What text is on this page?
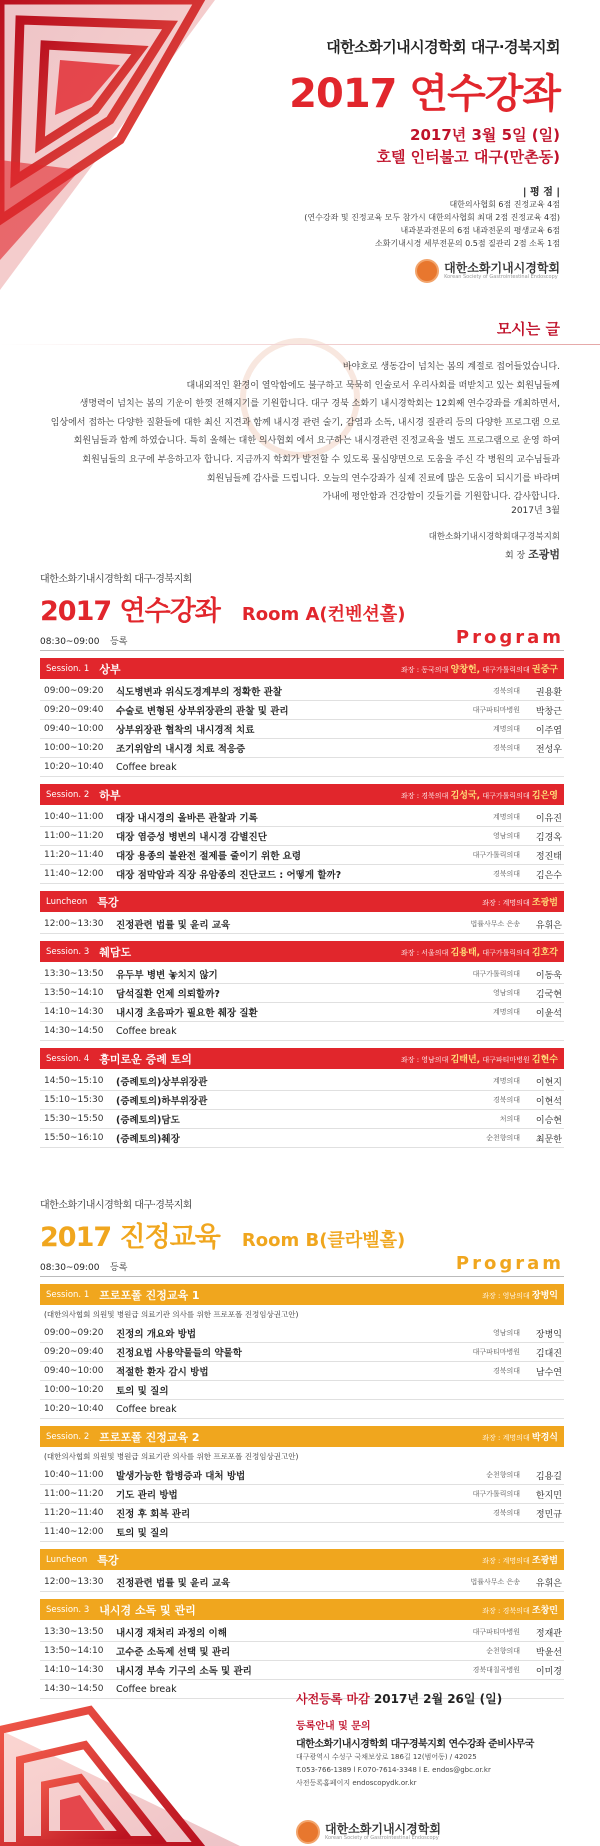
대한소화기내시경학회 대구·경북지회
2017 연수강좌
2017년 3월 5일 (일)
호텔 인터불고 대구(만촌동)
| 평 점 |
대한의사협회 6점 진정교육 4점
(연수강좌 및 진정교육 모두 참가시 대한의사협회 최대 2점 진정교육 4점)
내과분과전문의 6점 내과전문의 평생교육 6점
소화기내시경 세부전문의 0.5점 질관리 2점 소독 1점
대한소화기내시경학회
Korean Society of Gastrointestinal Endoscopy
모시는 글
바야흐로 생동감이 넘치는 봄의 계절로 접어들었습니다.
대내외적인 환경이 열악함에도 불구하고 묵묵히 인술로서 우리사회를 떠받치고 있는 회원님들께
생명력이 넘치는 봄의 기운이 한껏 전해지기를 기원합니다. 대구 경북 소화기 내시경학회는 12회째 연수강좌를 개최하면서,
임상에서 접하는 다양한 질환들에 대한 최신 지견과 함께 내시경 관련 술기, 감염과 소독, 내시경 질관리 등의 다양한 프로그램 으로
회원님들과 함께 하였습니다. 특히 올해는 대한 의사협회 에서 요구하는 내시경관련 진정교육을 별도 프로그램으로 운영 하여
회원님들의 요구에 부응하고자 합니다. 지금까지 학회가 발전할 수 있도록 물심양면으로 도움을 주신 각 병원의 교수님들과
회원님들께 감사를 드립니다. 오늘의 연수강좌가 실제 진료에 많은 도움이 되시기를 바라며
가내에 평안함과 건강함이 깃들기를 기원합니다. 감사합니다.
2017년 3월
대한소화기내시경학회대구경북지회
회 장 조광범
대한소화기내시경학회 대구·경북지회
2017 연수강좌 Room A(컨벤션홀)
08:30~09:00 등록	Program
Session. 1 상부	좌장 : 동국의대 양창헌, 대구가톨릭의대 권중구
09:00~09:20	식도병변과 위식도경계부의 정확한 관찰	경북의대	권용환
09:20~09:40	수술로 변형된 상부위장관의 관찰 및 관리	대구파티마병원	박창근
09:40~10:00	상부위장관 협착의 내시경적 치료	계명의대	이주엽
10:00~10:20	조기위암의 내시경 치료 적응증	경북의대	전성우
10:20~10:40	Coffee break
Session. 2 하부	좌장 : 경북의대 김성국, 대구가톨릭의대 김은영
10:40~11:00	대장 내시경의 올바른 관찰과 기록	계명의대	이유진
11:00~11:20	대장 염증성 병변의 내시경 감별진단	영남의대	김경옥
11:20~11:40	대장 용종의 불완전 절제를 줄이기 위한 요령	대구가톨릭의대	정진태
11:40~12:00	대장 점막암과 직장 유암종의 진단코드 : 어떻게 할까?	경북의대	김은수
Luncheon 특강	좌장 : 계명의대 조광범
12:00~13:30	진정관련 법률 및 윤리 교육	법률사무소 은송	유휘은
Session. 3 췌담도	좌장 : 서울의대 김용태, 대구가톨릭의대 김호각
13:30~13:50	유두부 병변 놓치지 않기	대구가톨릭의대	이동욱
13:50~14:10	담석질환 언제 의뢰할까?	영남의대	김국현
14:10~14:30	내시경 초음파가 필요한 췌장 질환	계명의대	이윤석
14:30~14:50	Coffee break
Session. 4 흥미로운 증례 토의	좌장 : 영남의대 김태년, 대구파티마병원 김현수
14:50~15:10	(증례토의)상부위장관	계명의대	이현지
15:10~15:30	(증례토의)하부위장관	경북의대	이현석
15:30~15:50	(증례토의)담도	처의대	이승현
15:50~16:10	(증례토의)췌장	순천향의대	최문한
대한소화기내시경학회 대구·경북지회
2017 진정교육 Room B(클라벨홀)
08:30~09:00 등록	Program
Session. 1 프로포폴 진정교육 1	좌장 : 영남의대 장병익
(대한의사협회 의원및 병원급 의료기관 의사를 위한 프로포폴 진정임상권고안)
09:00~09:20	진정의 개요와 방법	영남의대	장병익
09:20~09:40	진정요법 사용약물들의 약물학	대구파티마병원	김대진
09:40~10:00	적절한 환자 감시 방법	경북의대	남수연
10:00~10:20	토의 및 질의
10:20~10:40	Coffee break
Session. 2 프로포폴 진정교육 2	좌장 : 계명의대 박경식
(대한의사협회 의원및 병원급 의료기관 의사를 위한 프로포폴 진정임상권고안)
10:40~11:00	발생가능한 합병증과 대처 방법	순천향의대	김용길
11:00~11:20	기도 관리 방법	대구가톨릭의대	한지민
11:20~11:40	진정 후 회복 관리	경북의대	정민규
11:40~12:00	토의 및 질의
Luncheon 특강	좌장 : 계명의대 조광범
12:00~13:30	진정관련 법률 및 윤리 교육	법률사무소 은송	유휘은
Session. 3 내시경 소독 및 관리	좌장 : 경북의대 조창민
13:30~13:50	내시경 재처리 과정의 이해	대구파티마병원	정재관
13:50~14:10	고수준 소독제 선택 및 관리	순천향의대	박윤선
14:10~14:30	내시경 부속 기구의 소독 및 관리	경북대칠곡병원	이미경
14:30~14:50	Coffee break
사전등록 마감 2017년 2월 26일 (일)
등록안내 및 문의
대한소화기내시경학회 대구경북지회 연수강좌 준비사무국
대구광역시 수성구 국채보상로 186길 12(범어동) / 42025
T.053-766-1389 l F.070-7614-3348 l E. endos@gbc.or.kr
사전등록홈페이지 endoscopydk.or.kr
대한소화기내시경학회
Korean Society of Gastrointestinal Endoscopy
